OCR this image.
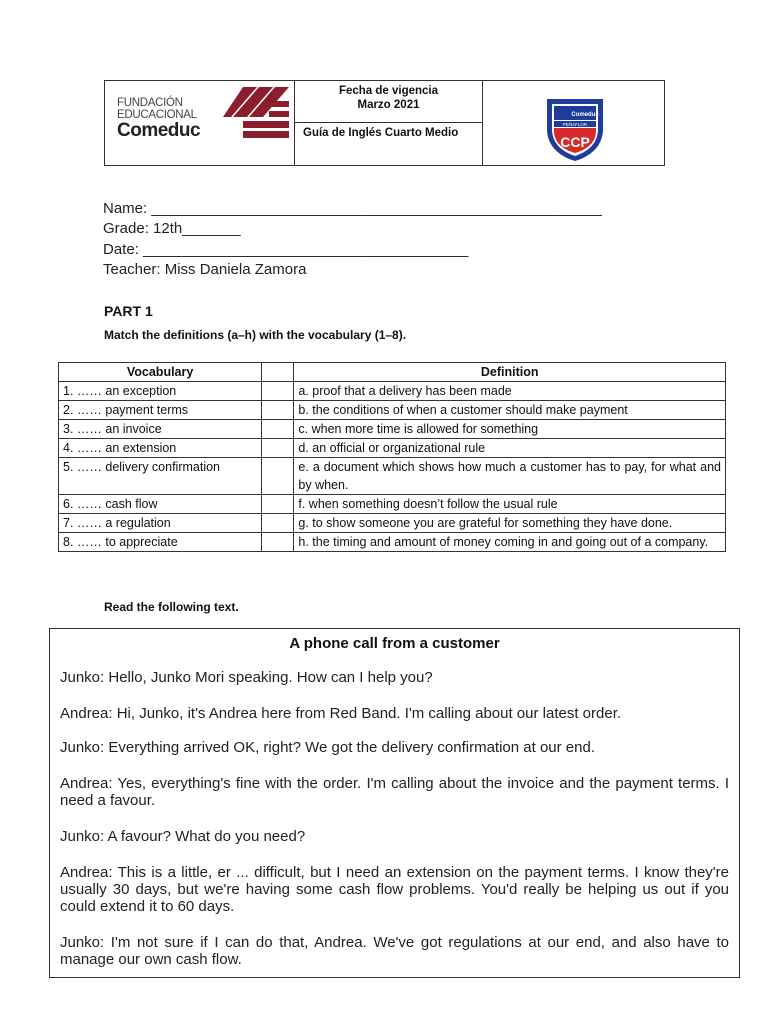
FUNDACIÓN
EDUCACIONAL
Comeduc
Fecha de vigencia
Marzo 2021
Guía de Inglés Cuarto Medio
Comeduc
PEÑAFLOR
CCP
Name: ______________________________________________________
Grade: 12th_______
Date: _______________________________________
Teacher: Miss Daniela Zamora
PART 1
Match the definitions (a–h) with the vocabulary (1–8).
Vocabulary		Definition
1. …… an exception		a. proof that a delivery has been made
2. …… payment terms		b. the conditions of when a customer should make payment
3. …… an invoice		c. when more time is allowed for something
4. …… an extension		d. an official or organizational rule
5. …… delivery confirmation		e. a document which shows how much a customer has to pay, for what and by when.
6. …… cash flow		f. when something doesn’t follow the usual rule
7. …… a regulation		g. to show someone you are grateful for something they have done.
8. …… to appreciate		h. the timing and amount of money coming in and going out of a company.
Read the following text.
A phone call from a customer

Junko: Hello, Junko Mori speaking. How can I help you?

Andrea: Hi, Junko, it's Andrea here from Red Band. I'm calling about our latest order.

Junko: Everything arrived OK, right? We got the delivery confirmation at our end.

Andrea: Yes, everything's fine with the order. I'm calling about the invoice and the payment terms. I need a favour.

Junko: A favour? What do you need?

Andrea: This is a little, er ... difficult, but I need an extension on the payment terms. I know they're usually 30 days, but we're having some cash flow problems. You'd really be helping us out if you could extend it to 60 days.

Junko: I'm not sure if I can do that, Andrea. We've got regulations at our end, and also have to manage our own cash flow.
